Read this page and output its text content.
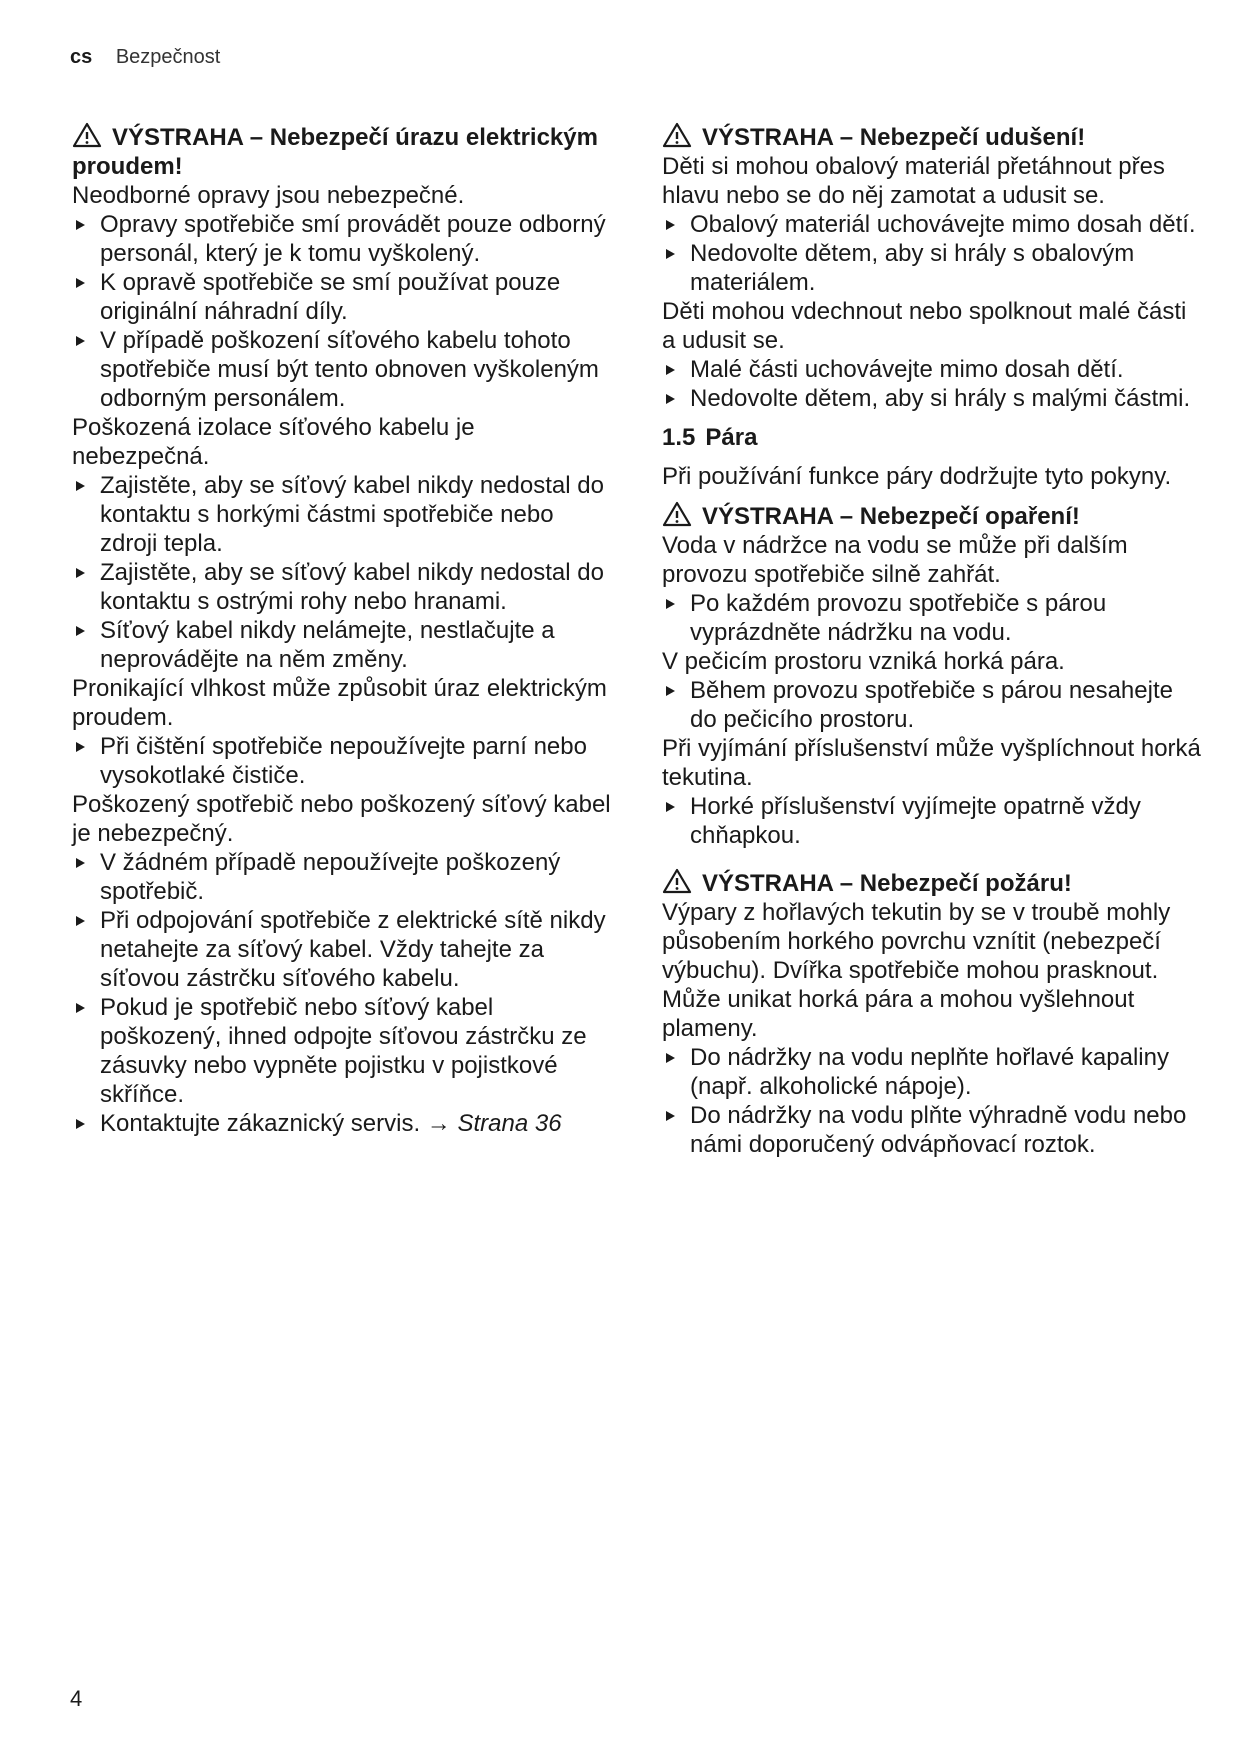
cs Bezpečnost
VÝSTRAHA – Nebezpečí úrazu elektrickým proudem!
Neodborné opravy jsou nebezpečné.
Opravy spotřebiče smí provádět pouze odborný personál, který je k tomu vyškolený.
K opravě spotřebiče se smí používat pouze originální náhradní díly.
V případě poškození síťového kabelu tohoto spotřebiče musí být tento obnoven vyškoleným odborným personálem.
Poškozená izolace síťového kabelu je nebezpečná.
Zajistěte, aby se síťový kabel nikdy nedostal do kontaktu s horkými částmi spotřebiče nebo zdroji tepla.
Zajistěte, aby se síťový kabel nikdy nedostal do kontaktu s ostrými rohy nebo hranami.
Síťový kabel nikdy nelámejte, nestlačujte a neprovádějte na něm změny.
Pronikající vlhkost může způsobit úraz elektrickým proudem.
Při čištění spotřebiče nepoužívejte parní nebo vysokotlaké čističe.
Poškozený spotřebič nebo poškozený síťový kabel je nebezpečný.
V žádném případě nepoužívejte poškozený spotřebič.
Při odpojování spotřebiče z elektrické sítě nikdy netahejte za síťový kabel. Vždy tahejte za síťovou zástrčku síťového kabelu.
Pokud je spotřebič nebo síťový kabel poškozený, ihned odpojte síťovou zástrčku ze zásuvky nebo vypněte pojistku v pojistkové skříňce.
Kontaktujte zákaznický servis. → Strana 36
VÝSTRAHA – Nebezpečí udušení!
Děti si mohou obalový materiál přetáhnout přes hlavu nebo se do něj zamotat a udusit se.
Obalový materiál uchovávejte mimo dosah dětí.
Nedovolte dětem, aby si hrály s obalovým materiálem.
Děti mohou vdechnout nebo spolknout malé části a udusit se.
Malé části uchovávejte mimo dosah dětí.
Nedovolte dětem, aby si hrály s malými částmi.
1.5 Pára
Při používání funkce páry dodržujte tyto pokyny.
VÝSTRAHA – Nebezpečí opaření!
Voda v nádržce na vodu se může při dalším provozu spotřebiče silně zahřát.
Po každém provozu spotřebiče s párou vyprázdněte nádržku na vodu.
V pečicím prostoru vzniká horká pára.
Během provozu spotřebiče s párou nesahejte do pečicího prostoru.
Při vyjímání příslušenství může vyšplíchnout horká tekutina.
Horké příslušenství vyjímejte opatrně vždy chňapkou.
VÝSTRAHA – Nebezpečí požáru!
Výpary z hořlavých tekutin by se v troubě mohly působením horkého povrchu vznítit (nebezpečí výbuchu). Dvířka spotřebiče mohou prasknout. Může unikat horká pára a mohou vyšlehnout plameny.
Do nádržky na vodu neplňte hořlavé kapaliny (např. alkoholické nápoje).
Do nádržky na vodu plňte výhradně vodu nebo námi doporučený odvápňovací roztok.
4
